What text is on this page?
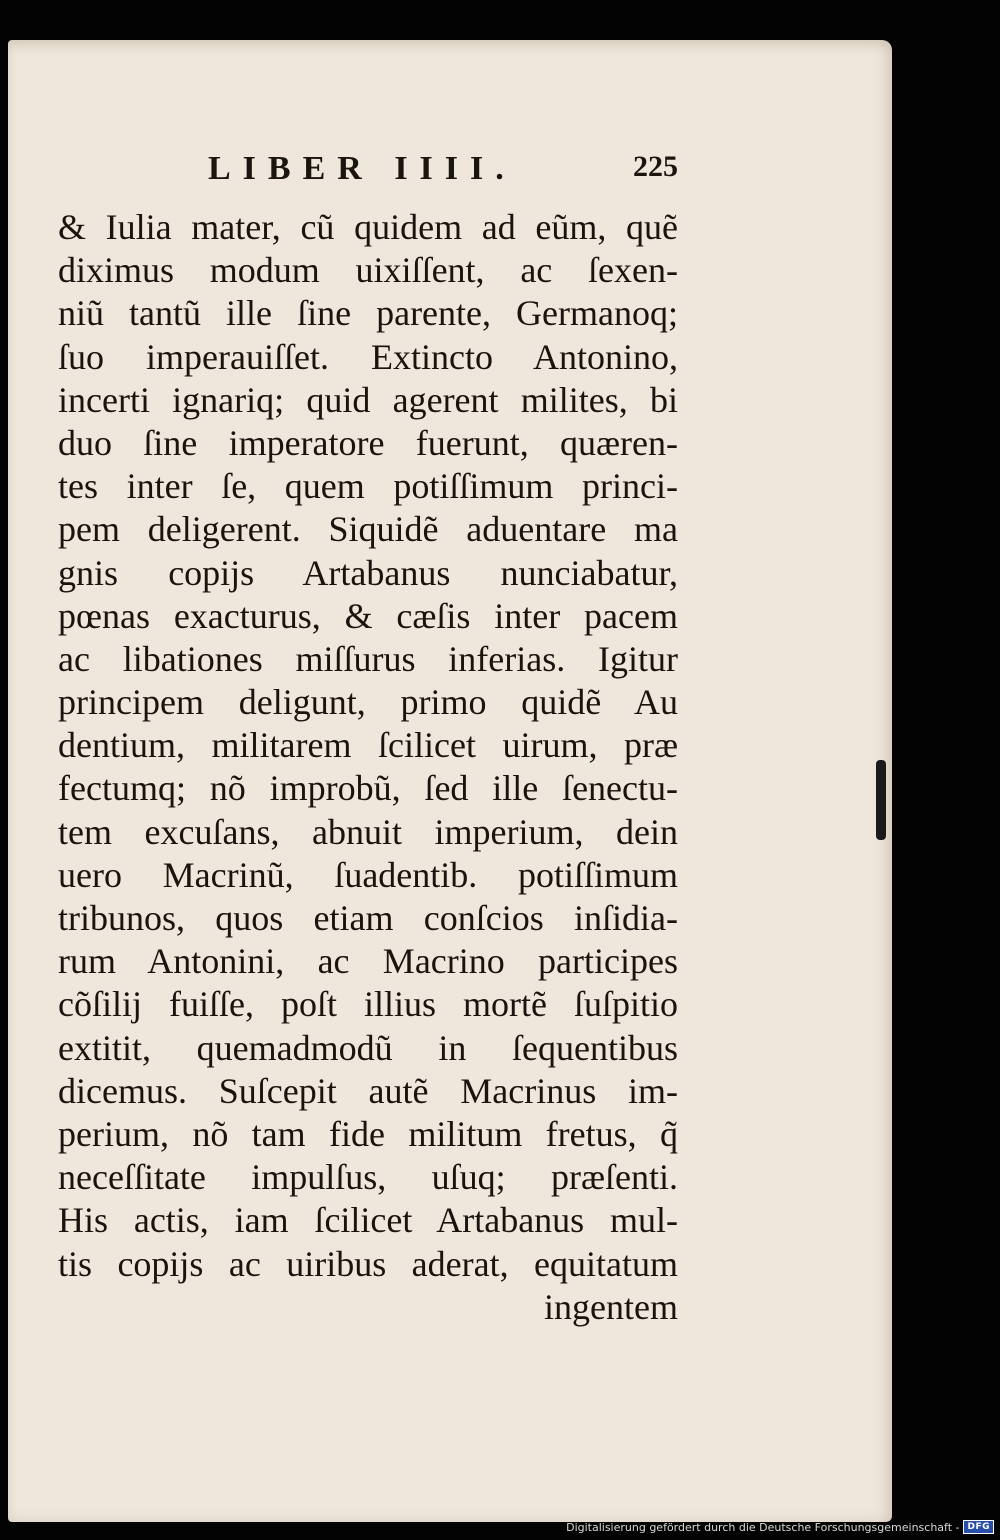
LIBER IIII.	225
& Iulia mater, cũ quidem ad eũm, quẽ
diximus modum uixiſſent, ac ſexen-
niũ tantũ ille ſine parente, Germanoq;
ſuo imperauiſſet. Extincto Antonino,
incerti ignariq; quid agerent milites, bi
duo ſine imperatore fuerunt, quæren-
tes inter ſe, quem potiſſimum princi-
pem deligerent. Siquidẽ aduentare ma
gnis copijs Artabanus nunciabatur,
pœnas exacturus, & cæſis inter pacem
ac libationes miſſurus inferias. Igitur
principem deligunt, primo quidẽ Au
dentium, militarem ſcilicet uirum, præ
fectumq; nõ improbũ, ſed ille ſenectu-
tem excuſans, abnuit imperium, dein
uero Macrinũ, ſuadentib. potiſſimum
tribunos, quos etiam conſcios inſidia-
rum Antonini, ac Macrino participes
cõſilij fuiſſe, poſt illius mortẽ ſuſpitio
extitit, quemadmodũ in ſequentibus
dicemus. Suſcepit autẽ Macrinus im-
perium, nõ tam fide militum fretus, q̃
neceſſitate impulſus, uſuq; præſenti.
His actis, iam ſcilicet Artabanus mul-
tis copijs ac uiribus aderat, equitatum
ingentem
Digitalisierung gefördert durch die Deutsche Forschungsgemeinschaft - DFG
